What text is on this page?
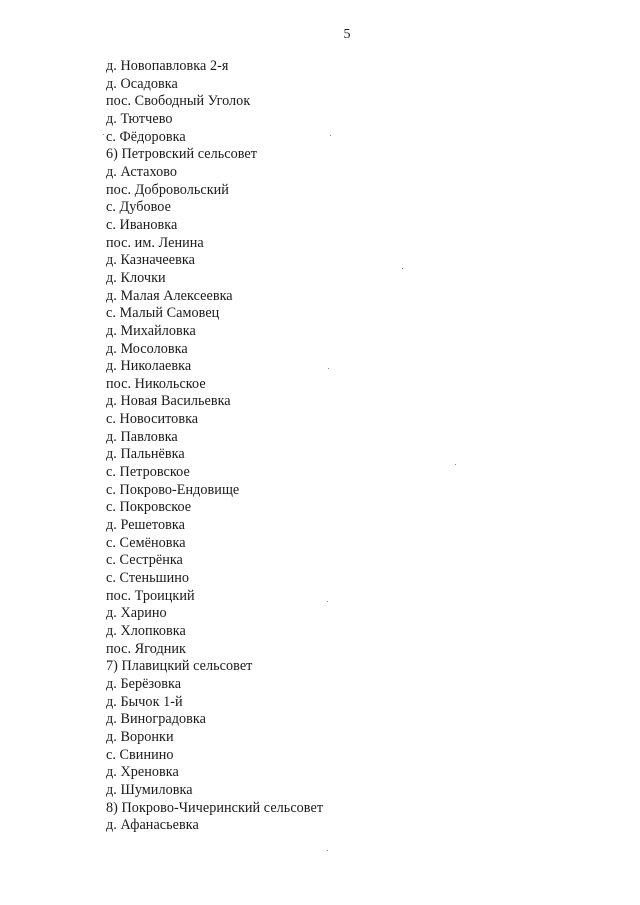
5
д. Новопавловка 2-я
д. Осадовка
пос. Свободный Уголок
д. Тютчево
с. Фёдоровка
6) Петровский сельсовет
д. Астахово
пос. Добровольский
с. Дубовое
с. Ивановка
пос. им. Ленина
д. Казначеевка
д. Клочки
д. Малая Алексеевка
с. Малый Самовец
д. Михайловка
д. Мосоловка
д. Николаевка
пос. Никольское
д. Новая Васильевка
с. Новоситовка
д. Павловка
д. Пальнёвка
с. Петровское
с. Покрово-Ендовище
с. Покровское
д. Решетовка
с. Семёновка
с. Сестрёнка
с. Стеньшино
пос. Троицкий
д. Харино
д. Хлопковка
пос. Ягодник
7) Плавицкий сельсовет
д. Берёзовка
д. Бычок 1-й
д. Виноградовка
д. Воронки
с. Свинино
д. Хреновка
д. Шумиловка
8) Покрово-Чичеринский сельсовет
д. Афанасьевка
